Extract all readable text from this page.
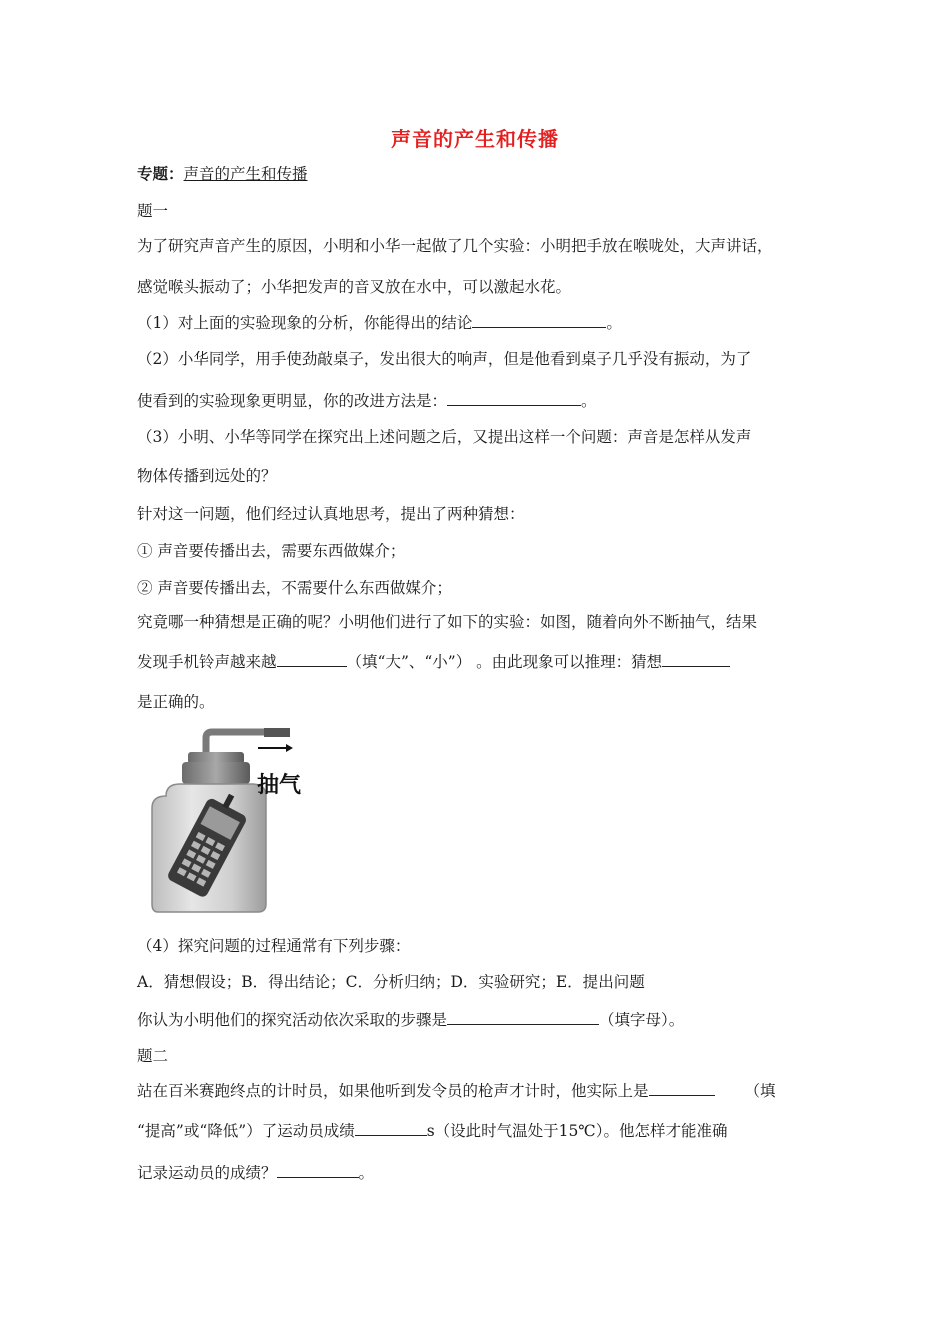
声音的产生和传播
专题：声音的产生和传播
题一
为了研究声音产生的原因，小明和小华一起做了几个实验：小明把手放在喉咙处，大声讲话，
感觉喉头振动了；小华把发声的音叉放在水中，可以激起水花。
（1）对上面的实验现象的分析，你能得出的结论	。
（2）小华同学，用手使劲敲桌子，发出很大的响声，但是他看到桌子几乎没有振动，为了
使看到的实验现象更明显，你的改进方法是：	。
（3）小明、小华等同学在探究出上述问题之后，又提出这样一个问题：声音是怎样从发声
物体传播到远处的？
针对这一问题，他们经过认真地思考，提出了两种猜想：
① 声音要传播出去，需要东西做媒介；
② 声音要传播出去，不需要什么东西做媒介；
究竟哪一种猜想是正确的呢？小明他们进行了如下的实验：如图，随着向外不断抽气，结果
发现手机铃声越来越	（填“大”、“小”） 。由此现象可以推理：猜想
是正确的。
抽气
（4）探究问题的过程通常有下列步骤：
A．猜想假设；B．得出结论；C．分析归纳；D．实验研究；E．提出问题
你认为小明他们的探究活动依次采取的步骤是	（填字母）。
题二
站在百米赛跑终点的计时员，如果他听到发令员的枪声才计时，他实际上是	（填
“提高”或“降低”）了运动员成绩	s（设此时气温处于15℃）。他怎样才能准确
记录运动员的成绩？	。
